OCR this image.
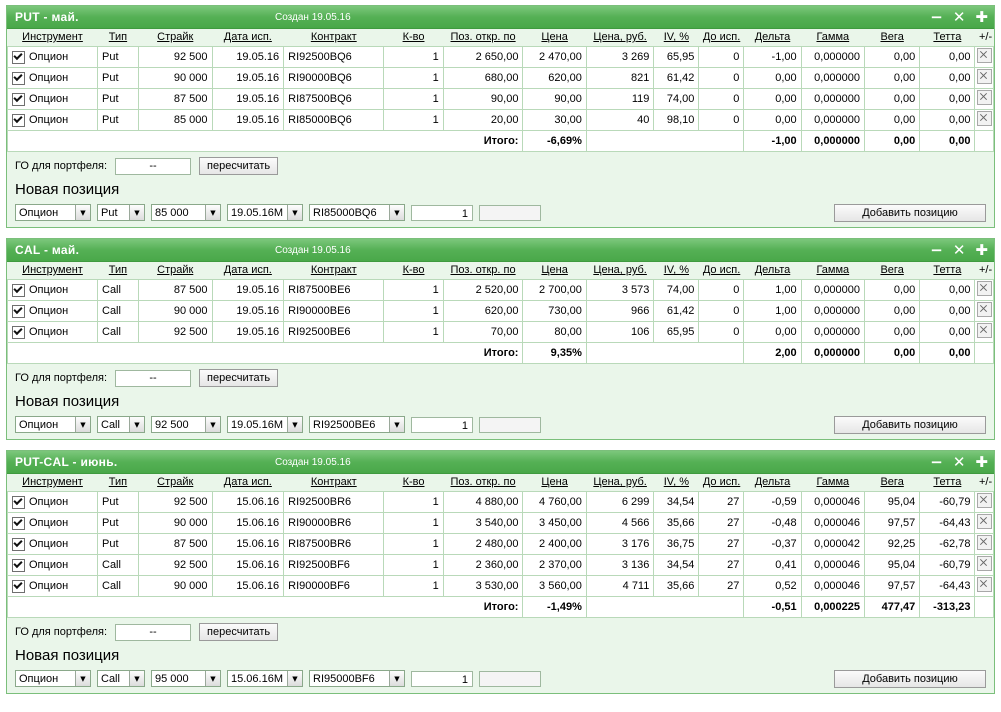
PUT - май.	Создан 19.05.16	− ✕ ✚
Инструмент	Тип	Страйк	Дата исп.	Контракт	К-во	Поз. откр. по	Цена	Цена, руб.	IV, %	До исп.	Дельта	Гамма	Вега	Тетта	+/-

Опцион	Put	92 500	19.05.16	RI92500BQ6	1	2 650,00	2 470,00	3 269	65,95	0	-1,00	0,000000	0,00	0,00	

Опцион	Put	90 000	19.05.16	RI90000BQ6	1	680,00	620,00	821	61,42	0	0,00	0,000000	0,00	0,00	

Опцион	Put	87 500	19.05.16	RI87500BQ6	1	90,00	90,00	119	74,00	0	0,00	0,000000	0,00	0,00	

Опцион	Put	85 000	19.05.16	RI85000BQ6	1	20,00	30,00	40	98,10	0	0,00	0,000000	0,00	0,00	
Итого:							-6,69%				-1,00	0,000000	0,00	0,00	
ГО для портфеля:	--	пересчитать
Новая позиция
Опцион	▼	Put	▼	85 000	▼	19.05.16М	▼	RI85000BQ6	▼	1	Добавить позицию
CAL - май.	Создан 19.05.16	− ✕ ✚
Инструмент	Тип	Страйк	Дата исп.	Контракт	К-во	Поз. откр. по	Цена	Цена, руб.	IV, %	До исп.	Дельта	Гамма	Вега	Тетта	+/-

Опцион	Call	87 500	19.05.16	RI87500BE6	1	2 520,00	2 700,00	3 573	74,00	0	1,00	0,000000	0,00	0,00	

Опцион	Call	90 000	19.05.16	RI90000BE6	1	620,00	730,00	966	61,42	0	1,00	0,000000	0,00	0,00	

Опцион	Call	92 500	19.05.16	RI92500BE6	1	70,00	80,00	106	65,95	0	0,00	0,000000	0,00	0,00	
Итого:							9,35%				2,00	0,000000	0,00	0,00	
ГО для портфеля:	--	пересчитать
Новая позиция
Опцион	▼	Call	▼	92 500	▼	19.05.16М	▼	RI92500BE6	▼	1	Добавить позицию
PUT-CAL - июнь.	Создан 19.05.16	− ✕ ✚
Инструмент	Тип	Страйк	Дата исп.	Контракт	К-во	Поз. откр. по	Цена	Цена, руб.	IV, %	До исп.	Дельта	Гамма	Вега	Тетта	+/-

Опцион	Put	92 500	15.06.16	RI92500BR6	1	4 880,00	4 760,00	6 299	34,54	27	-0,59	0,000046	95,04	-60,79	

Опцион	Put	90 000	15.06.16	RI90000BR6	1	3 540,00	3 450,00	4 566	35,66	27	-0,48	0,000046	97,57	-64,43	

Опцион	Put	87 500	15.06.16	RI87500BR6	1	2 480,00	2 400,00	3 176	36,75	27	-0,37	0,000042	92,25	-62,78	

Опцион	Call	92 500	15.06.16	RI92500BF6	1	2 360,00	2 370,00	3 136	34,54	27	0,41	0,000046	95,04	-60,79	

Опцион	Call	90 000	15.06.16	RI90000BF6	1	3 530,00	3 560,00	4 711	35,66	27	0,52	0,000046	97,57	-64,43	
Итого:							-1,49%				-0,51	0,000225	477,47	-313,23	
ГО для портфеля:	--	пересчитать
Новая позиция
Опцион	▼	Call	▼	95 000	▼	15.06.16М	▼	RI95000BF6	▼	1	Добавить позицию
